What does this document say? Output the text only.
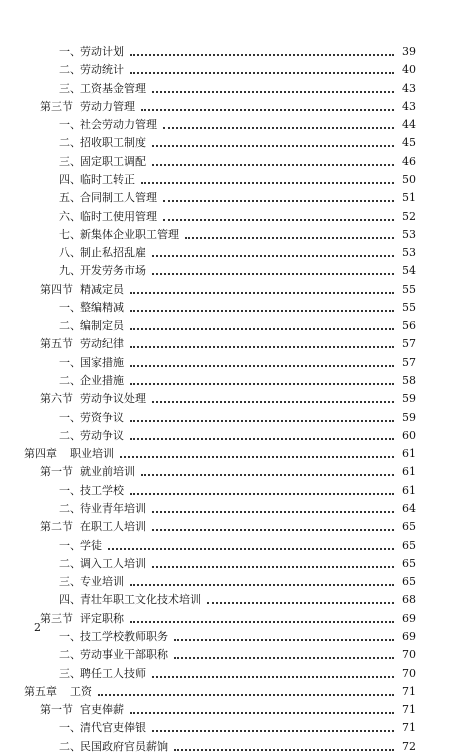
一、 劳动计划	39
二、 劳动统计	40
三、 工资基金管理	43
第三节 劳动力管理	43
一、 社会劳动力管理	44
二、 招收职工制度	45
三、 固定职工调配	46
四、 临时工转正	50
五、 合同制工人管理	51
六、 临时工使用管理	52
七、 新集体企业职工管理	53
八、 制止私招乱雇	53
九、 开发劳务市场	54
第四节 精减定员	55
一、 整编精减	55
二、 编制定员	56
第五节 劳动纪律	57
一、 国家措施	57
二、 企业措施	58
第六节 劳动争议处理	59
一、 劳资争议	59
二、 劳动争议	60
第四章 职业培训	61
第一节 就业前培训	61
一、 技工学校	61
二、 待业青年培训	64
第二节 在职工人培训	65
一、 学徒	65
二、 调入工人培训	65
三、 专业培训	65
四、 青壮年职工文化技术培训	68
第三节 评定职称	69
一、 技工学校教师职务	69
二、 劳动事业干部职称	70
三、 聘任工人技师	70
第五章 工资	71
第一节 官吏俸薪	71
一、 清代官吏俸银	71
二、 民国政府官员薪饷	72
2
